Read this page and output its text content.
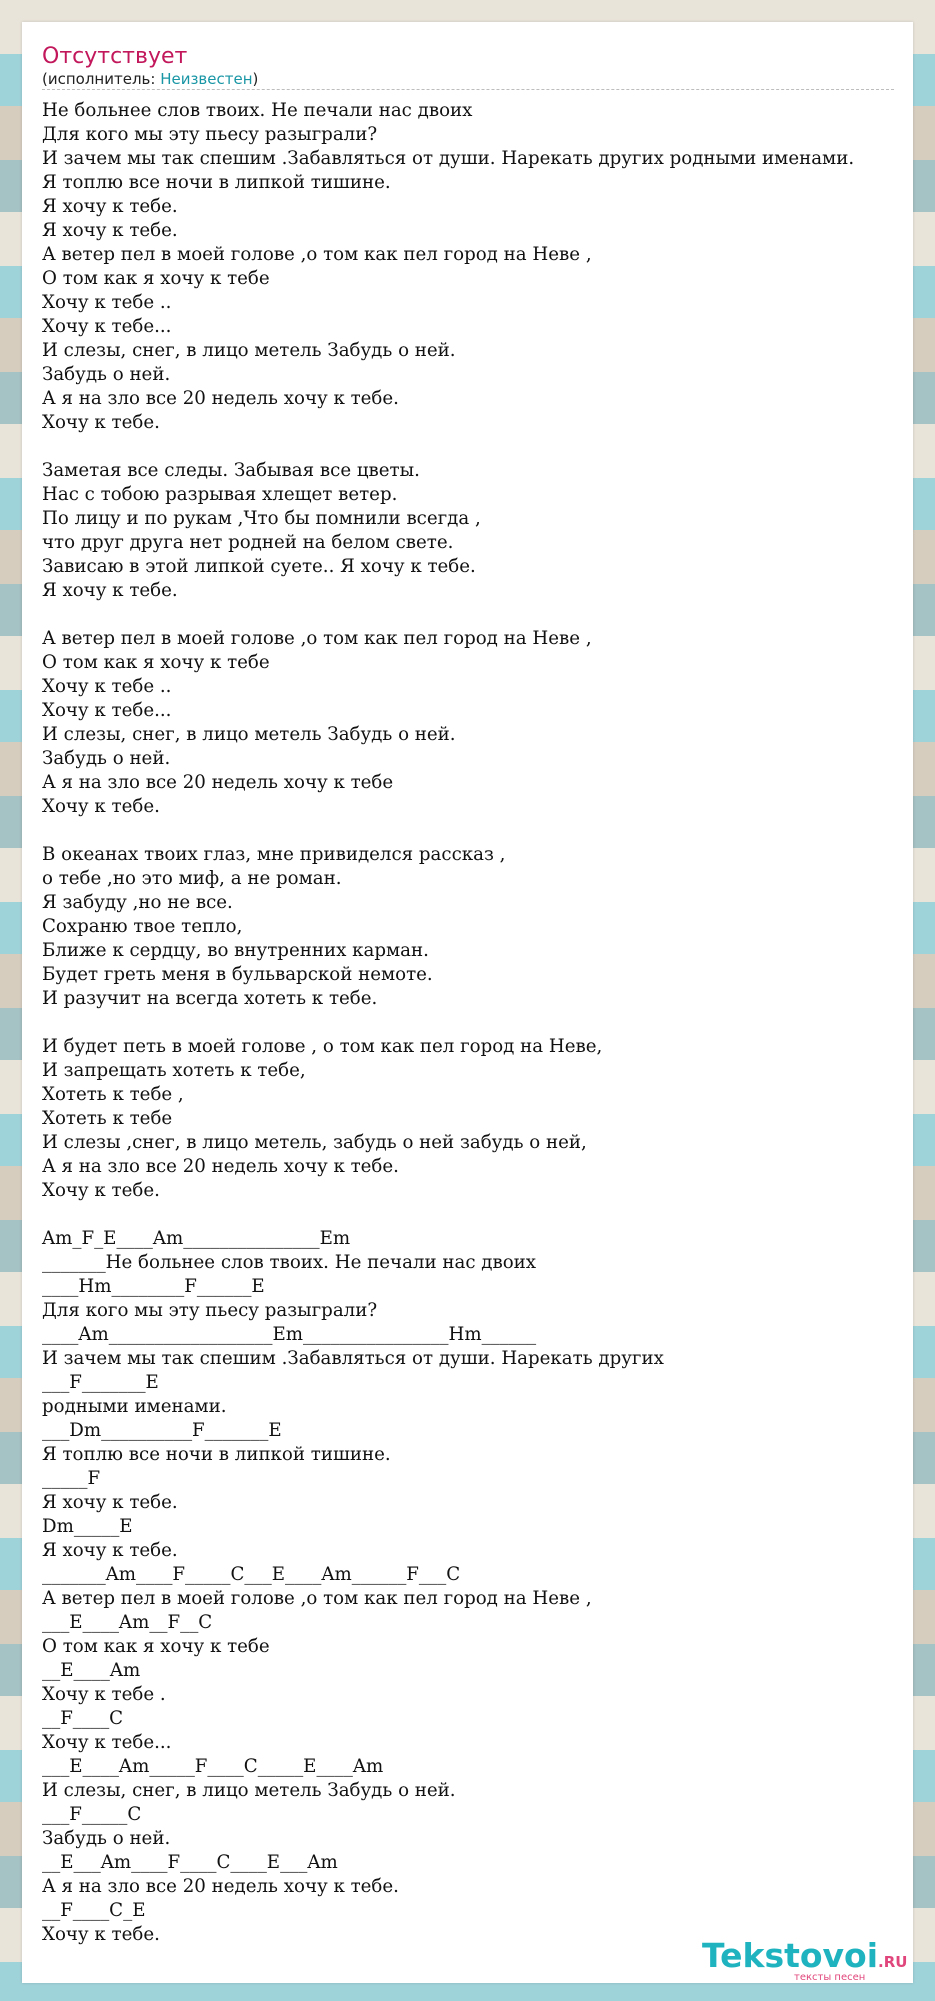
Отсутствует
(исполнитель: Неизвестен)
Не больнее слов твоих. Не печали нас двоих
Для кого мы эту пьесу разыграли?
И зачем мы так спешим .Забавляться от души. Нарекать других родными именами.
Я топлю все ночи в липкой тишине.
Я хочу к тебе.
Я хочу к тебе.
А ветер пел в моей голове ,о том как пел город на Неве ,
О том как я хочу к тебе
Хочу к тебе ..
Хочу к тебе...
И слезы, снег, в лицо метель Забудь о ней.
Забудь о ней.
А я на зло все 20 недель хочу к тебе.
Хочу к тебе.

Заметая все следы. Забывая все цветы.
Нас с тобою разрывая хлещет ветер.
По лицу и по рукам ,Что бы помнили всегда ,
что друг друга нет родней на белом свете.
Зависаю в этой липкой суете.. Я хочу к тебе.
Я хочу к тебе.

А ветер пел в моей голове ,о том как пел город на Неве ,
О том как я хочу к тебе
Хочу к тебе ..
Хочу к тебе...
И слезы, снег, в лицо метель Забудь о ней.
Забудь о ней.
А я на зло все 20 недель хочу к тебе
Хочу к тебе.

В океанах твоих глаз, мне привиделся рассказ ,
о тебе ,но это миф, а не роман.
Я забуду ,но не все.
Сохраню твое тепло,
Ближе к сердцу, во внутренних карман.
Будет греть меня в бульварской немоте.
И разучит на всегда хотеть к тебе.

И будет петь в моей голове , о том как пел город на Неве,
И запрещать хотеть к тебе,
Хотеть к тебе ,
Хотеть к тебе
И слезы ,снег, в лицо метель, забудь о ней забудь о ней,
А я на зло все 20 недель хочу к тебе.
Хочу к тебе.

Am_F_E____Am_______________Em
_______Не больнее слов твоих. Не печали нас двоих
____Hm________F______E
Для кого мы эту пьесу разыграли?
____Am__________________Em________________Hm______
И зачем мы так спешим .Забавляться от души. Нарекать других
___F_______E
родными именами.
___Dm__________F_______E
Я топлю все ночи в липкой тишине.
_____F
Я хочу к тебе.
Dm_____E
Я хочу к тебе.
_______Am____F_____C___E____Am______F___C
А ветер пел в моей голове ,о том как пел город на Неве ,
___E____Am__F__C
О том как я хочу к тебе
__E____Am
Хочу к тебе .
__F____C
Хочу к тебе...
___E____Am_____F____C_____E____Am
И слезы, снег, в лицо метель Забудь о ней.
___F_____C
Забудь о ней.
__E___Am____F____C____E___Am
А я на зло все 20 недель хочу к тебе.
__F____C_E
Хочу к тебе.
Tekstovoi.RU
тексты песен
